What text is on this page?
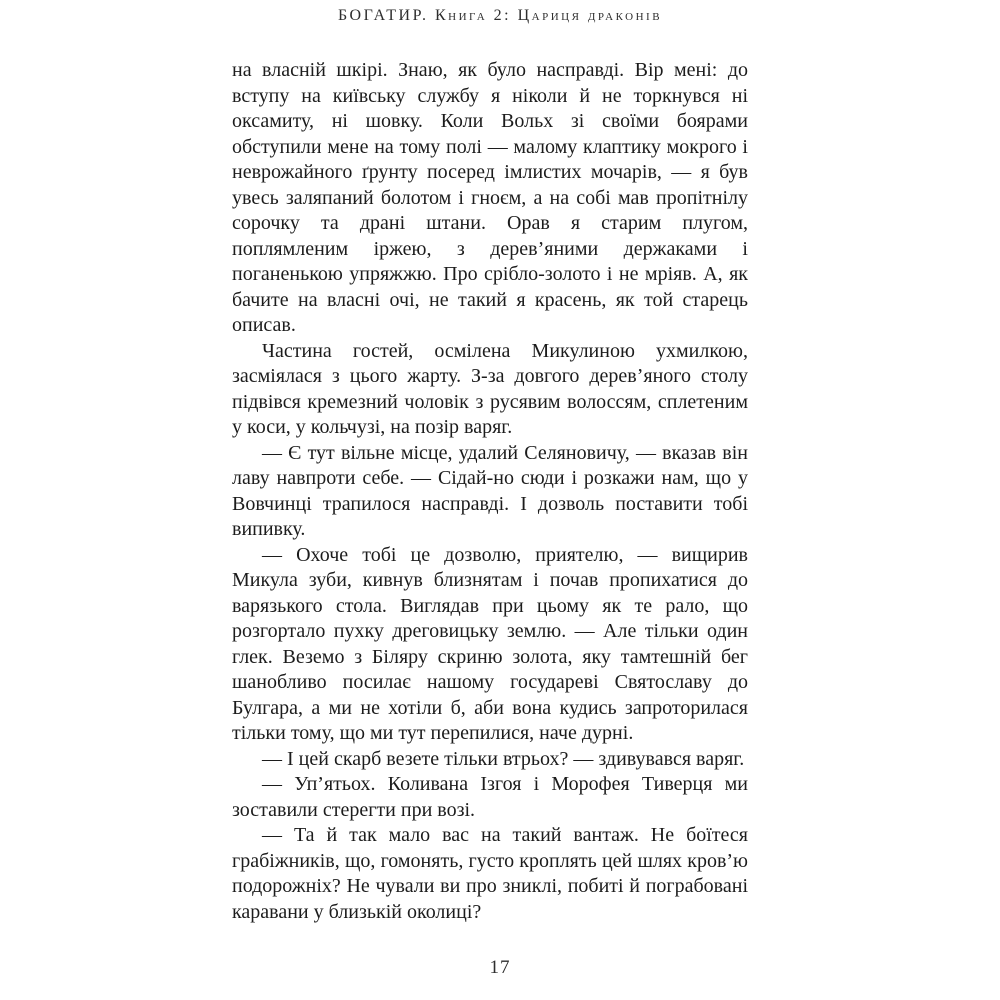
БОГАТИР. Книга 2: Цариця драконів

на власній шкірі. Знаю, як було насправді. Вір мені: до вступу на київську службу я ніколи й не торкнувся ні оксамиту, ні шовку. Коли Вольх зі своїми боярами обступили мене на тому полі — малому клаптику мокрого і неврожайного ґрунту посеред імлистих мочарів, — я був увесь заляпаний болотом і гноєм, а на собі мав пропітнілу сорочку та драні штани. Орав я старим плугом, поплямленим іржею, з дерев’яними держаками і поганенькою упряжжю. Про срібло-золото і не мріяв. А, як бачите на власні очі, не такий я красень, як той старець описав.

Частина гостей, осмілена Микулиною ухмилкою, засміялася з цього жарту. З-за довгого дерев’яного столу підвівся кремезний чоловік з русявим волоссям, сплетеним у коси, у кольчузі, на позір варяг.

— Є тут вільне місце, удалий Селяновичу, — вказав він лаву навпроти себе. — Сідай-но сюди і розкажи нам, що у Вовчинці трапилося насправді. І дозволь поставити тобі випивку.

— Охоче тобі це дозволю, приятелю, — вищирив Микула зуби, кивнув близнятам і почав пропихатися до варязького стола. Виглядав при цьому як те рало, що розгортало пухку дреговицьку землю. — Але тільки один глек. Веземо з Біляру скриню золота, яку тамтешній бег шанобливо посилає нашому государеві Святославу до Булгара, а ми не хотіли б, аби вона кудись запроторилася тільки тому, що ми тут перепилися, наче дурні.

— І цей скарб везете тільки втрьох? — здивувався варяг.

— Уп’ятьох. Коливана Ізгоя і Морофея Тиверця ми зоставили стерегти при возі.

— Та й так мало вас на такий вантаж. Не боїтеся грабіжників, що, гомонять, густо кроплять цей шлях кров’ю подорожніх? Не чували ви про зниклі, побиті й пограбовані каравани у близькій околиці?

17
